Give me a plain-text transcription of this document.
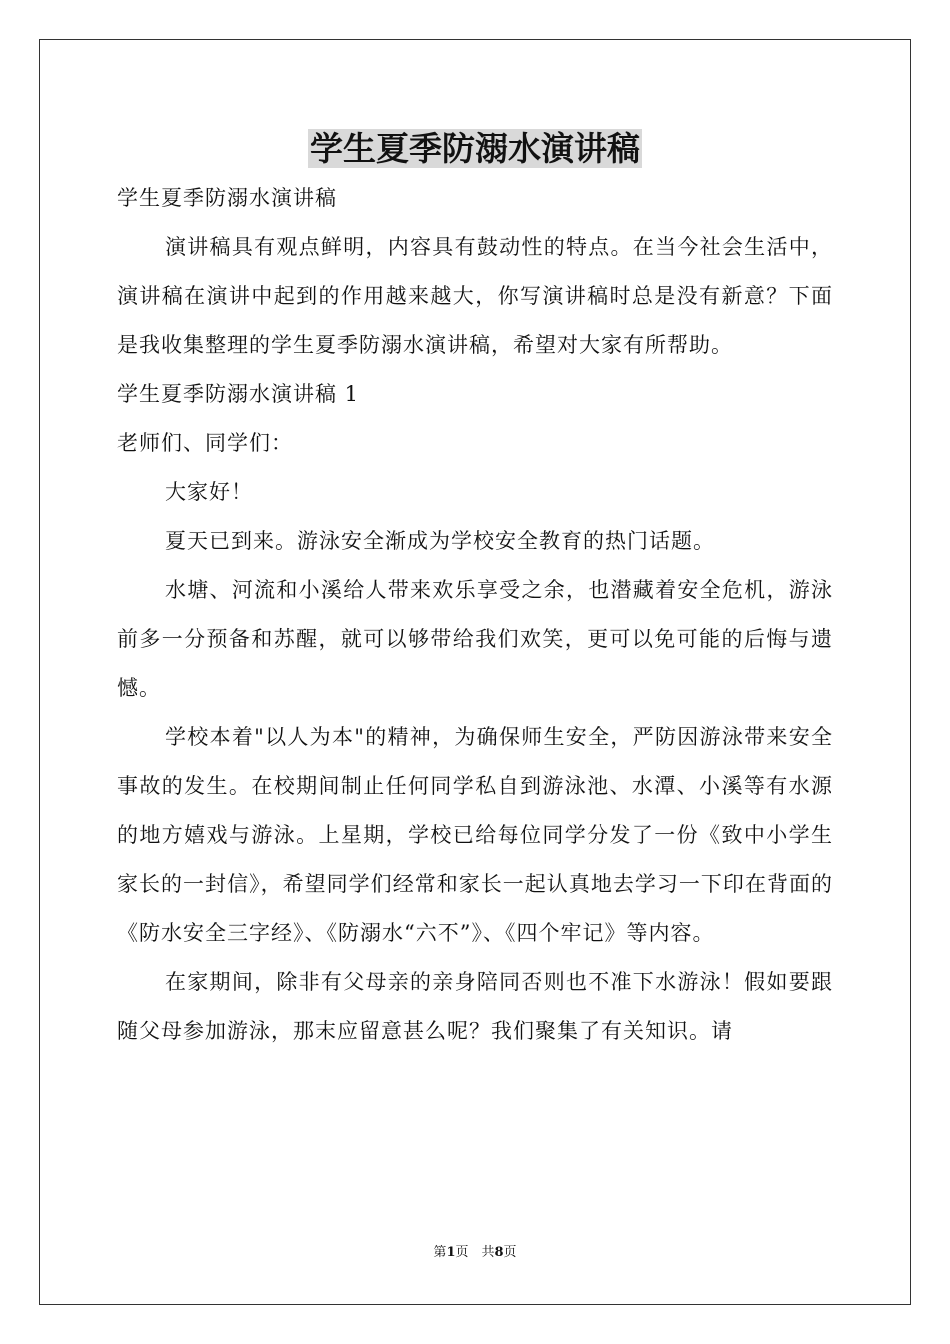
学生夏季防溺水演讲稿

学生夏季防溺水演讲稿

演讲稿具有观点鲜明，内容具有鼓动性的特点。在当今社会生活中，演讲稿在演讲中起到的作用越来越大，你写演讲稿时总是没有新意？下面是我收集整理的学生夏季防溺水演讲稿，希望对大家有所帮助。

学生夏季防溺水演讲稿 1

老师们、同学们：

大家好！

夏天已到来。游泳安全渐成为学校安全教育的热门话题。

水塘、河流和小溪给人带来欢乐享受之余，也潜藏着安全危机，游泳前多一分预备和苏醒，就可以够带给我们欢笑，更可以免可能的后悔与遗憾。

学校本着"以人为本"的精神，为确保师生安全，严防因游泳带来安全事故的发生。在校期间制止任何同学私自到游泳池、水潭、小溪等有水源的地方嬉戏与游泳。上星期，学校已给每位同学分发了一份《致中小学生家长的一封信》，希望同学们经常和家长一起认真地去学习一下印在背面的《防水安全三字经》、《防溺水“六不”》、《四个牢记》等内容。

在家期间，除非有父母亲的亲身陪同否则也不准下水游泳！假如要跟随父母参加游泳，那末应留意甚么呢？我们聚集了有关知识。请

第1页　共8页
